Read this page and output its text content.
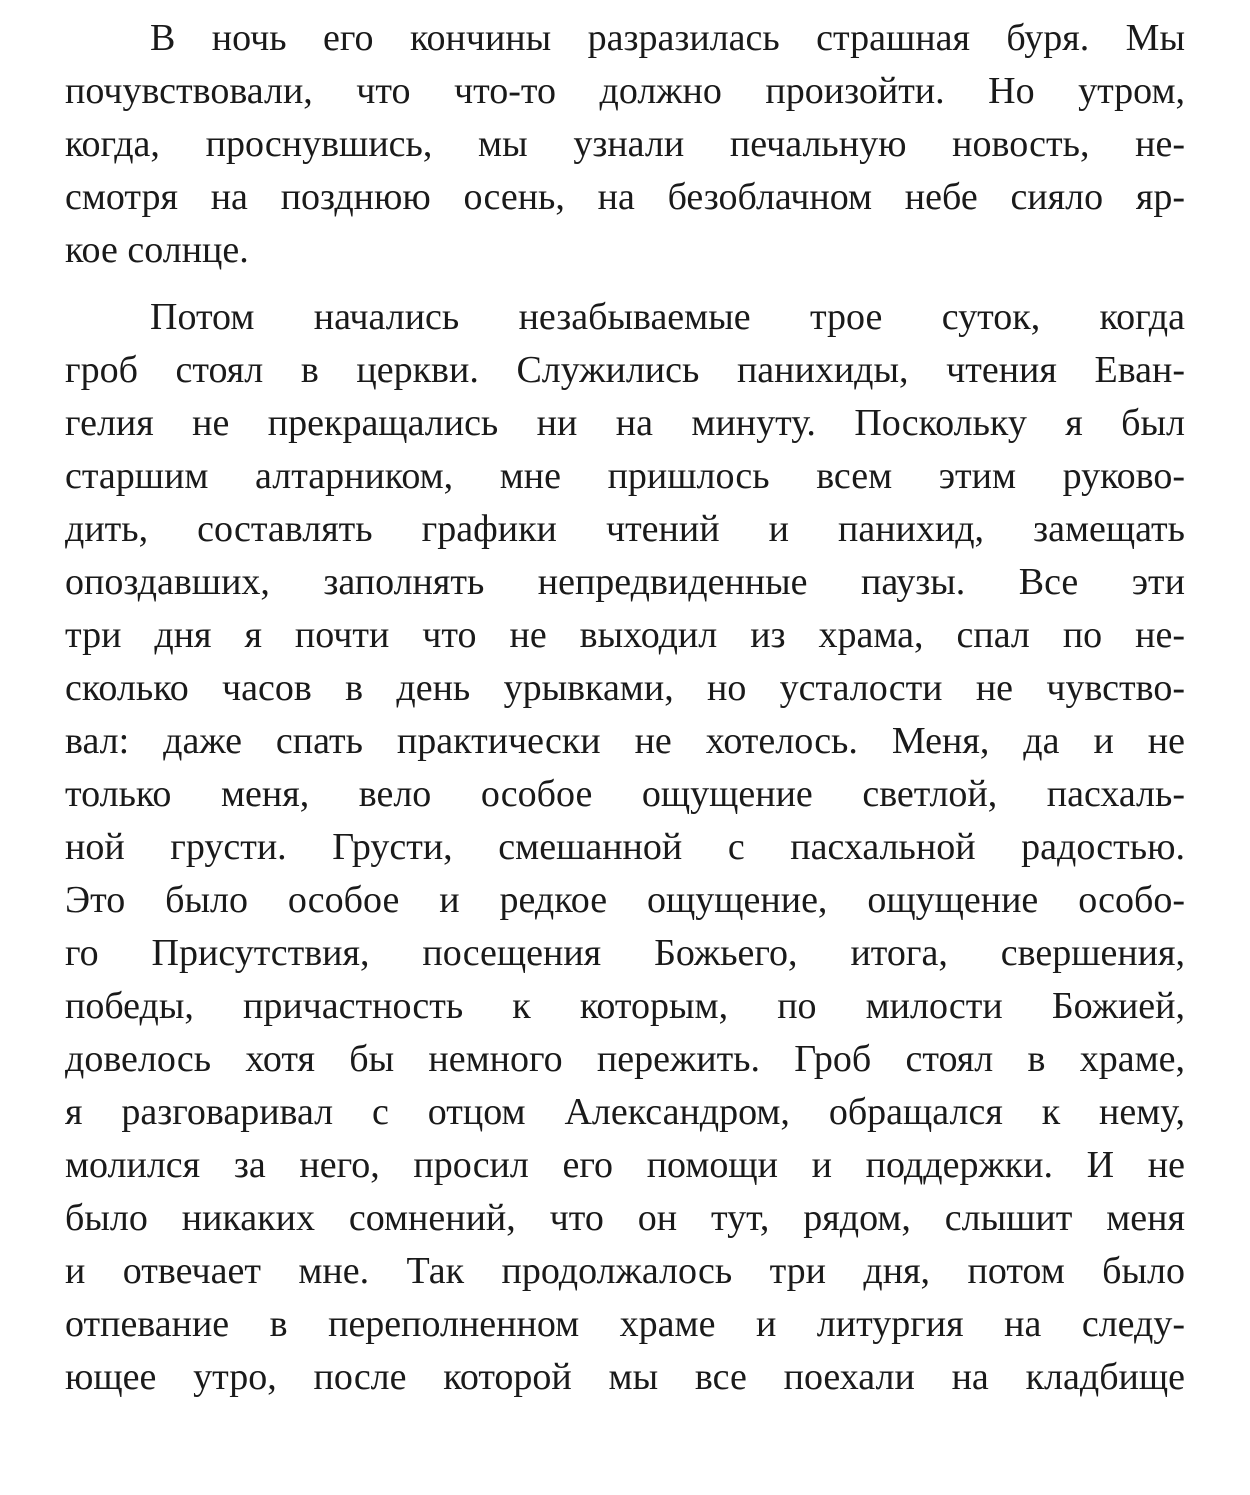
В ночь его кончины разразилась страшная буря. Мы
почувствовали, что что-то должно произойти. Но утром,
когда, проснувшись, мы узнали печальную новость, не-
смотря на позднюю осень, на безоблачном небе сияло яр-
кое солнце.
Потом начались незабываемые трое суток, когда
гроб стоял в церкви. Служились панихиды, чтения Еван-
гелия не прекращались ни на минуту. Поскольку я был
старшим алтарником, мне пришлось всем этим руково-
дить, составлять графики чтений и панихид, замещать
опоздавших, заполнять непредвиденные паузы. Все эти
три дня я почти что не выходил из храма, спал по не-
сколько часов в день урывками, но усталости не чувство-
вал: даже спать практически не хотелось. Меня, да и не
только меня, вело особое ощущение светлой, пасхаль-
ной грусти. Грусти, смешанной с пасхальной радостью.
Это было особое и редкое ощущение, ощущение особо-
го Присутствия, посещения Божьего, итога, свершения,
победы, причастность к которым, по милости Божией,
довелось хотя бы немного пережить. Гроб стоял в храме,
я разговаривал с отцом Александром, обращался к нему,
молился за него, просил его помощи и поддержки. И не
было никаких сомнений, что он тут, рядом, слышит меня
и отвечает мне. Так продолжалось три дня, потом было
отпевание в переполненном храме и литургия на следу-
ющее утро, после которой мы все поехали на кладбище
